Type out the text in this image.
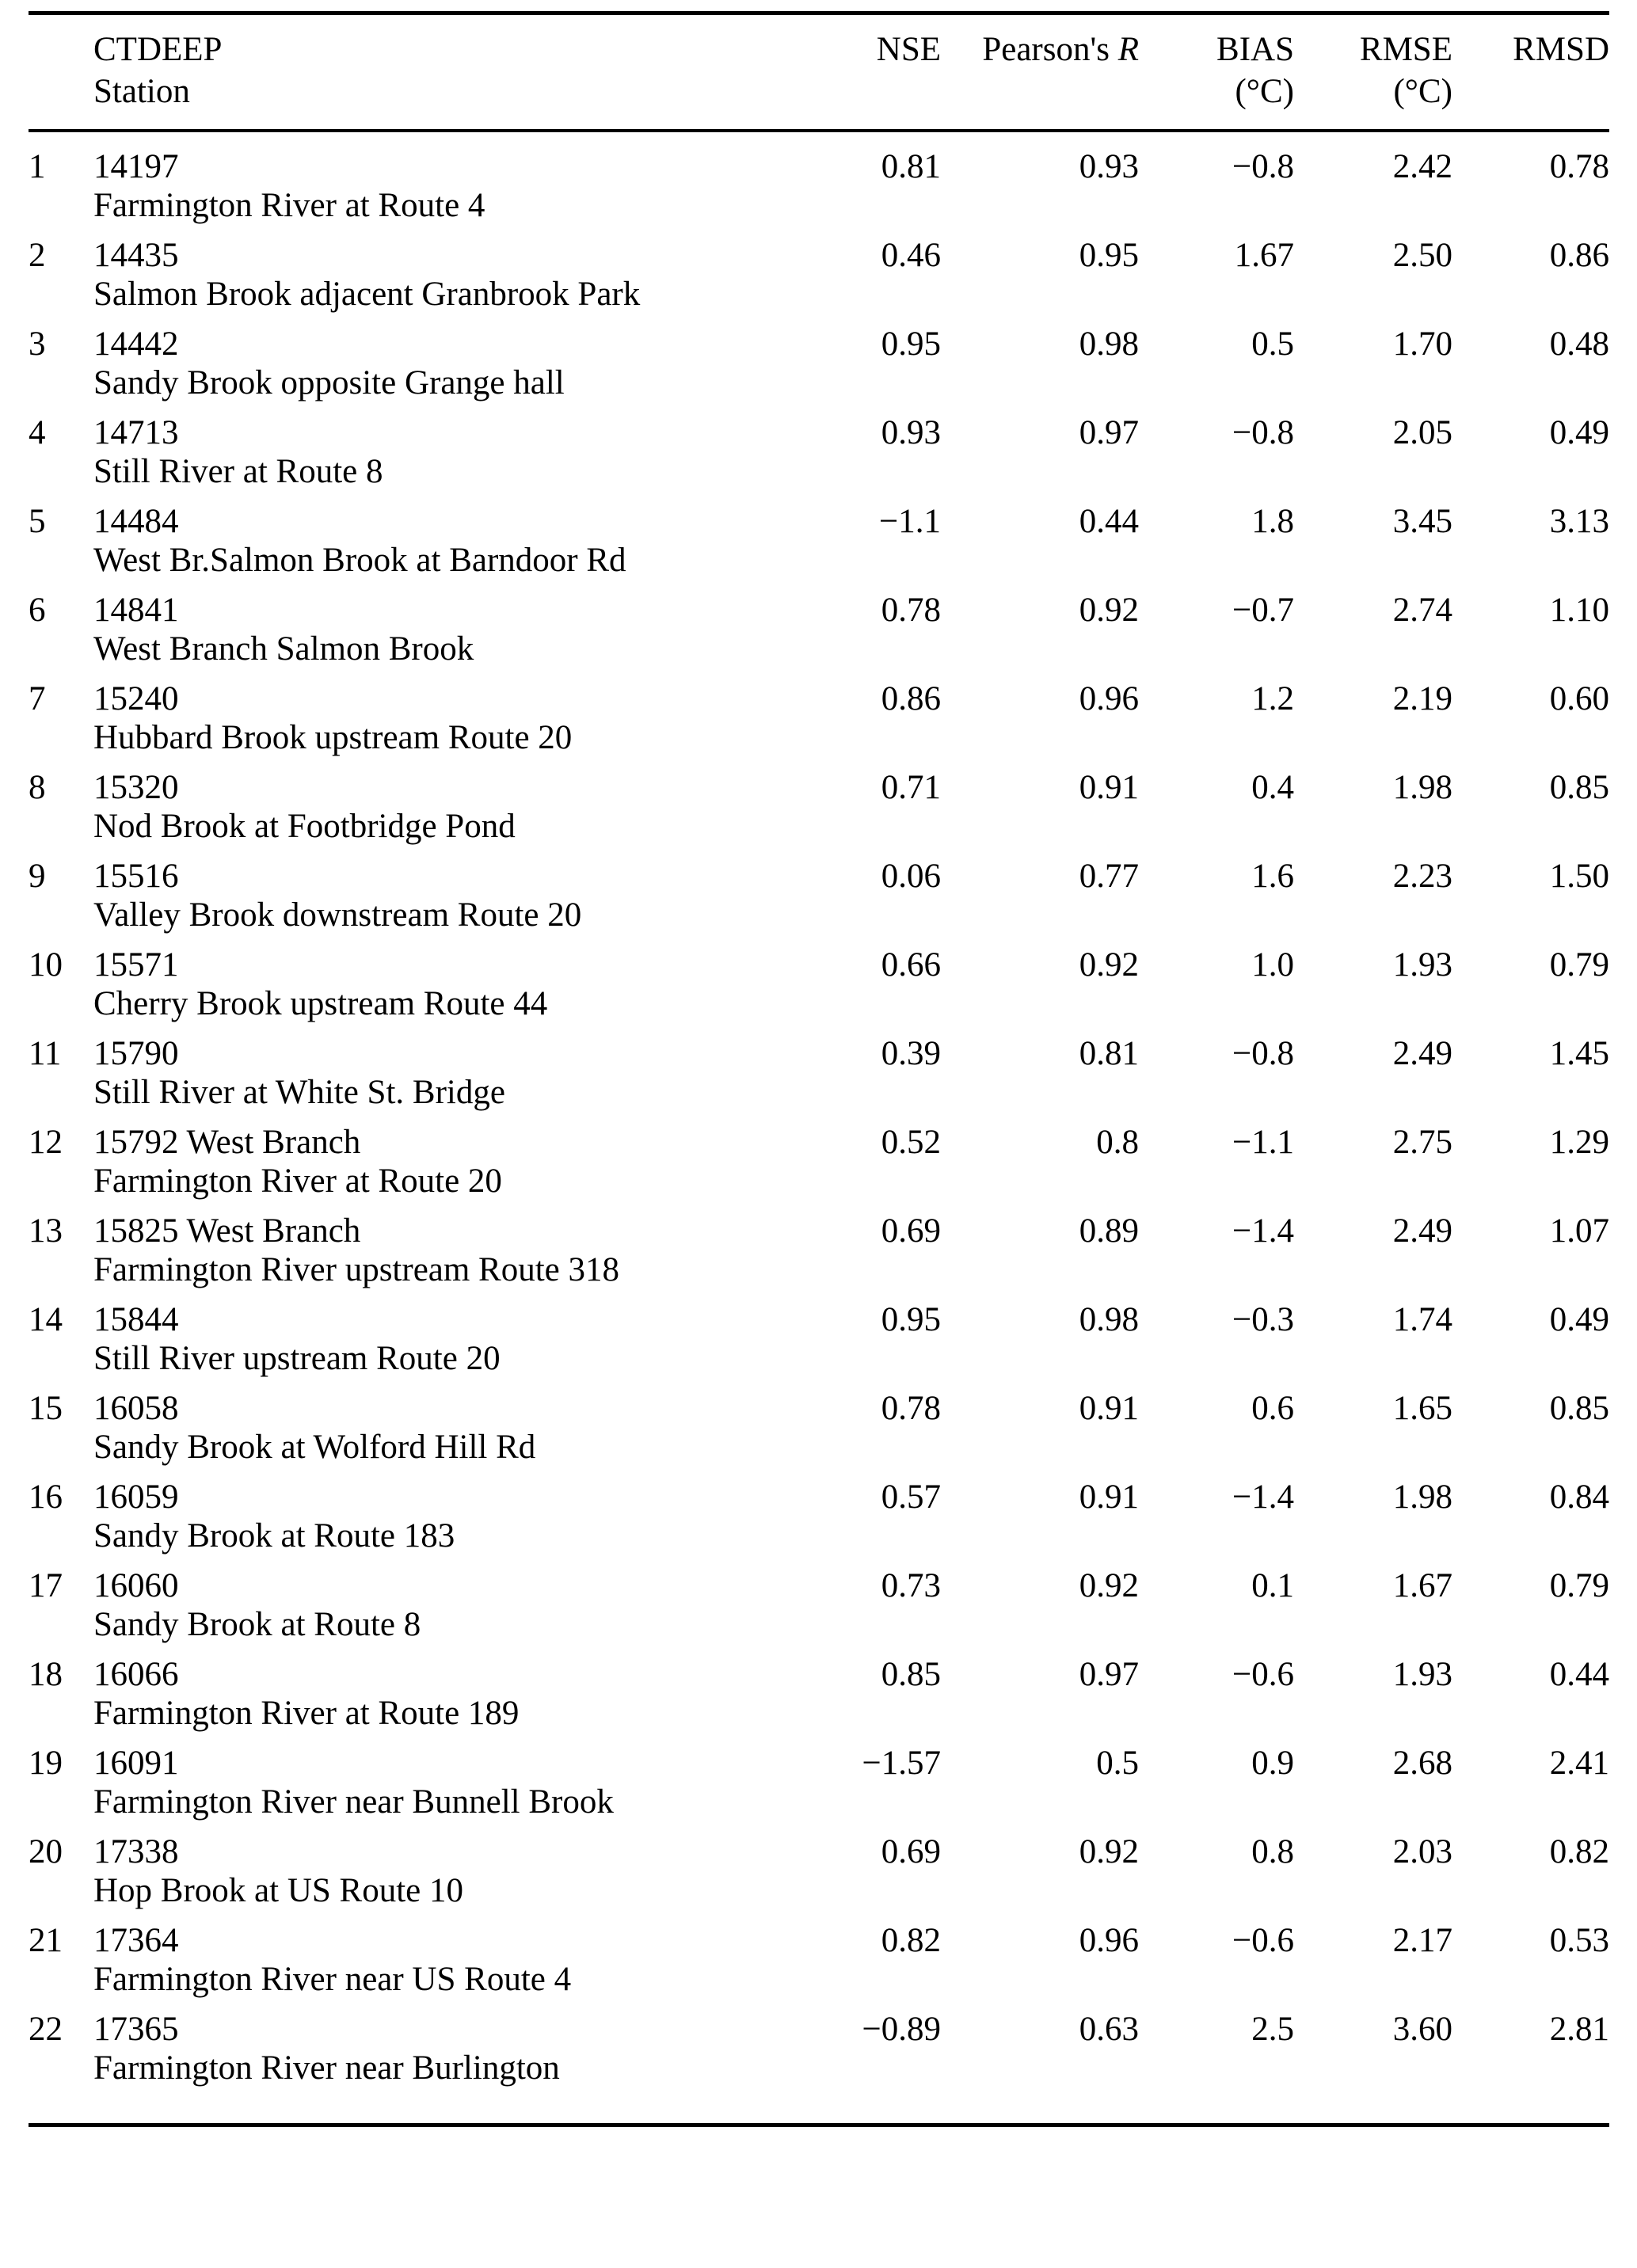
	CTDEEP	NSE	Pearson's R	BIAS	RMSE	RMSD
	Station			(°C)	(°C)	
1	14197	0.81	0.93	−0.8	2.42	0.78
	Farmington River at Route 4					
2	14435	0.46	0.95	1.67	2.50	0.86
	Salmon Brook adjacent Granbrook Park					
3	14442	0.95	0.98	0.5	1.70	0.48
	Sandy Brook opposite Grange hall					
4	14713	0.93	0.97	−0.8	2.05	0.49
	Still River at Route 8					
5	14484	−1.1	0.44	1.8	3.45	3.13
	West Br.Salmon Brook at Barndoor Rd					
6	14841	0.78	0.92	−0.7	2.74	1.10
	West Branch Salmon Brook					
7	15240	0.86	0.96	1.2	2.19	0.60
	Hubbard Brook upstream Route 20					
8	15320	0.71	0.91	0.4	1.98	0.85
	Nod Brook at Footbridge Pond					
9	15516	0.06	0.77	1.6	2.23	1.50
	Valley Brook downstream Route 20					
10	15571	0.66	0.92	1.0	1.93	0.79
	Cherry Brook upstream Route 44					
11	15790	0.39	0.81	−0.8	2.49	1.45
	Still River at White St. Bridge					
12	15792 West Branch	0.52	0.8	−1.1	2.75	1.29
	Farmington River at Route 20					
13	15825 West Branch	0.69	0.89	−1.4	2.49	1.07
	Farmington River upstream Route 318					
14	15844	0.95	0.98	−0.3	1.74	0.49
	Still River upstream Route 20					
15	16058	0.78	0.91	0.6	1.65	0.85
	Sandy Brook at Wolford Hill Rd					
16	16059	0.57	0.91	−1.4	1.98	0.84
	Sandy Brook at Route 183					
17	16060	0.73	0.92	0.1	1.67	0.79
	Sandy Brook at Route 8					
18	16066	0.85	0.97	−0.6	1.93	0.44
	Farmington River at Route 189					
19	16091	−1.57	0.5	0.9	2.68	2.41
	Farmington River near Bunnell Brook					
20	17338	0.69	0.92	0.8	2.03	0.82
	Hop Brook at US Route 10					
21	17364	0.82	0.96	−0.6	2.17	0.53
	Farmington River near US Route 4					
22	17365	−0.89	0.63	2.5	3.60	2.81
	Farmington River near Burlington					
